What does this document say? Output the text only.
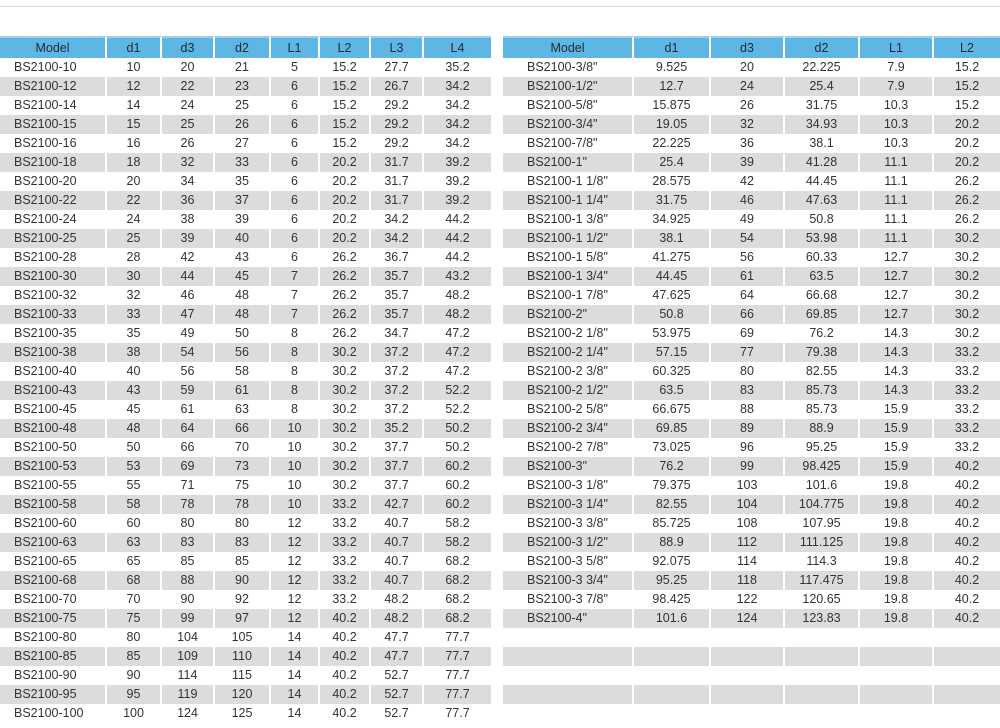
Model	d1	d3	d2	L1	L2	L3	L4
BS2100-10	10	20	21	5	15.2	27.7	35.2
BS2100-12	12	22	23	6	15.2	26.7	34.2
BS2100-14	14	24	25	6	15.2	29.2	34.2
BS2100-15	15	25	26	6	15.2	29.2	34.2
BS2100-16	16	26	27	6	15.2	29.2	34.2
BS2100-18	18	32	33	6	20.2	31.7	39.2
BS2100-20	20	34	35	6	20.2	31.7	39.2
BS2100-22	22	36	37	6	20.2	31.7	39.2
BS2100-24	24	38	39	6	20.2	34.2	44.2
BS2100-25	25	39	40	6	20.2	34.2	44.2
BS2100-28	28	42	43	6	26.2	36.7	44.2
BS2100-30	30	44	45	7	26.2	35.7	43.2
BS2100-32	32	46	48	7	26.2	35.7	48.2
BS2100-33	33	47	48	7	26.2	35.7	48.2
BS2100-35	35	49	50	8	26.2	34.7	47.2
BS2100-38	38	54	56	8	30.2	37.2	47.2
BS2100-40	40	56	58	8	30.2	37.2	47.2
BS2100-43	43	59	61	8	30.2	37.2	52.2
BS2100-45	45	61	63	8	30.2	37.2	52.2
BS2100-48	48	64	66	10	30.2	35.2	50.2
BS2100-50	50	66	70	10	30.2	37.7	50.2
BS2100-53	53	69	73	10	30.2	37.7	60.2
BS2100-55	55	71	75	10	30.2	37.7	60.2
BS2100-58	58	78	78	10	33.2	42.7	60.2
BS2100-60	60	80	80	12	33.2	40.7	58.2
BS2100-63	63	83	83	12	33.2	40.7	58.2
BS2100-65	65	85	85	12	33.2	40.7	68.2
BS2100-68	68	88	90	12	33.2	40.7	68.2
BS2100-70	70	90	92	12	33.2	48.2	68.2
BS2100-75	75	99	97	12	40.2	48.2	68.2
BS2100-80	80	104	105	14	40.2	47.7	77.7
BS2100-85	85	109	110	14	40.2	47.7	77.7
BS2100-90	90	114	115	14	40.2	52.7	77.7
BS2100-95	95	119	120	14	40.2	52.7	77.7
BS2100-100	100	124	125	14	40.2	52.7	77.7
Model	d1	d3	d2	L1	L2
BS2100-3/8"	9.525	20	22.225	7.9	15.2
BS2100-1/2"	12.7	24	25.4	7.9	15.2
BS2100-5/8"	15.875	26	31.75	10.3	15.2
BS2100-3/4"	19.05	32	34.93	10.3	20.2
BS2100-7/8"	22.225	36	38.1	10.3	20.2
BS2100-1"	25.4	39	41.28	11.1	20.2
BS2100-1 1/8"	28.575	42	44.45	11.1	26.2
BS2100-1 1/4"	31.75	46	47.63	11.1	26.2
BS2100-1 3/8"	34.925	49	50.8	11.1	26.2
BS2100-1 1/2"	38.1	54	53.98	11.1	30.2
BS2100-1 5/8"	41.275	56	60.33	12.7	30.2
BS2100-1 3/4"	44.45	61	63.5	12.7	30.2
BS2100-1 7/8"	47.625	64	66.68	12.7	30.2
BS2100-2"	50.8	66	69.85	12.7	30.2
BS2100-2 1/8"	53.975	69	76.2	14.3	30.2
BS2100-2 1/4"	57.15	77	79.38	14.3	33.2
BS2100-2 3/8"	60.325	80	82.55	14.3	33.2
BS2100-2 1/2"	63.5	83	85.73	14.3	33.2
BS2100-2 5/8"	66.675	88	85.73	15.9	33.2
BS2100-2 3/4"	69.85	89	88.9	15.9	33.2
BS2100-2 7/8"	73.025	96	95.25	15.9	33.2
BS2100-3"	76.2	99	98.425	15.9	40.2
BS2100-3 1/8"	79.375	103	101.6	19.8	40.2
BS2100-3 1/4"	82.55	104	104.775	19.8	40.2
BS2100-3 3/8"	85.725	108	107.95	19.8	40.2
BS2100-3 1/2"	88.9	112	111.125	19.8	40.2
BS2100-3 5/8"	92.075	114	114.3	19.8	40.2
BS2100-3 3/4"	95.25	118	117.475	19.8	40.2
BS2100-3 7/8"	98.425	122	120.65	19.8	40.2
BS2100-4"	101.6	124	123.83	19.8	40.2
